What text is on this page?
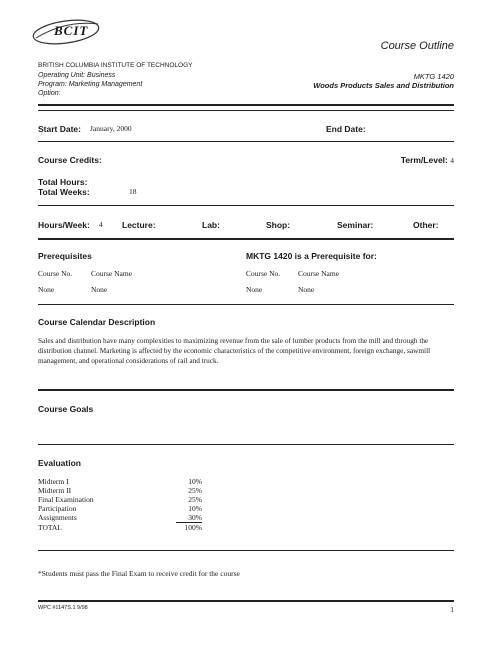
BCIT
Course Outline
BRITISH COLUMBIA INSTITUTE OF TECHNOLOGY
Operating Unit: Business
Program: Marketing Management
Option:
MKTG 1420
Woods Products Sales and Distribution
Start Date: January, 2000	End Date:
Course Credits:	Term/Level: 4
Total Hours:
Total Weeks:	18
Hours/Week: 4 Lecture:	Lab:	Shop:	Seminar:	Other:
Prerequisites
Course No.	Course Name
None	None
MKTG 1420 is a Prerequisite for:
Course No. Course Name
None	None
Course Calendar Description
Sales and distribution have many complexities to maximizing revenue from the sale of lumber products from the mill and through the distribution channel. Marketing is affected by the economic characteristics of the competitive environment, foreign exchange, sawmill management, and operational considerations of rail and truck.
Course Goals
Evaluation
Midterm I	10%
Midterm II	25%
Final Examination	25%
Participation	10%
Assignments	30%
TOTAL	100%
*Students must pass the Final Exam to receive credit for the course
WPC #1147S.1 9/98	1
